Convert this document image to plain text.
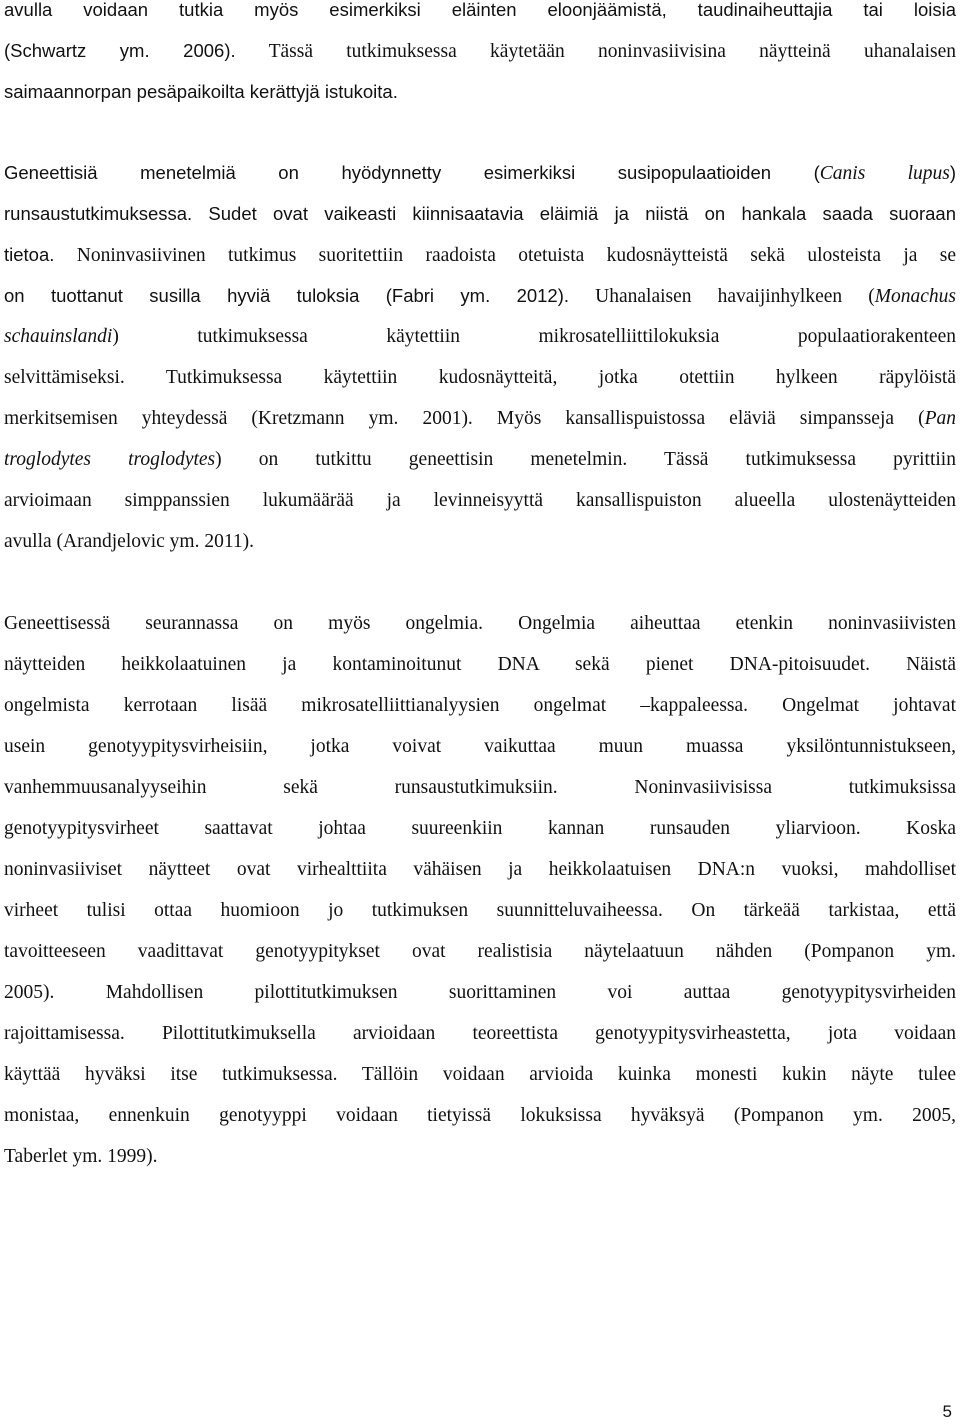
avulla voidaan tutkia myös esimerkiksi eläinten eloonjäämistä, taudinaiheuttajia tai loisia
(Schwartz ym. 2006). Tässä tutkimuksessa käytetään noninvasiivisina näytteinä uhanalaisen
saimaannorpan pesäpaikoilta kerättyjä istukoita.
Geneettisiä menetelmiä on hyödynnetty esimerkiksi susipopulaatioiden (Canis lupus)
runsaustutkimuksessa. Sudet ovat vaikeasti kiinnisaatavia eläimiä ja niistä on hankala saada suoraan
tietoa. Noninvasiivinen tutkimus suoritettiin raadoista otetuista kudosnäytteistä sekä ulosteista ja se
on tuottanut susilla hyviä tuloksia (Fabri ym. 2012). Uhanalaisen havaijinhylkeen (Monachus
schauinslandi) tutkimuksessa käytettiin mikrosatelliittilokuksia populaatiorakenteen
selvittämiseksi. Tutkimuksessa käytettiin kudosnäytteitä, jotka otettiin hylkeen räpylöistä
merkitsemisen yhteydessä (Kretzmann ym. 2001). Myös kansallispuistossa eläviä simpansseja (Pan
troglodytes troglodytes) on tutkittu geneettisin menetelmin. Tässä tutkimuksessa pyrittiin
arvioimaan simppanssien lukumäärää ja levinneisyyttä kansallispuiston alueella ulostenäytteiden
avulla (Arandjelovic ym. 2011).
Geneettisessä seurannassa on myös ongelmia. Ongelmia aiheuttaa etenkin noninvasiivisten
näytteiden heikkolaatuinen ja kontaminoitunut DNA sekä pienet DNA-pitoisuudet. Näistä
ongelmista kerrotaan lisää mikrosatelliittianalyysien ongelmat –kappaleessa. Ongelmat johtavat
usein genotyypitysvirheisiin, jotka voivat vaikuttaa muun muassa yksilöntunnistukseen,
vanhemmuusanalyyseihin sekä runsaustutkimuksiin. Noninvasiivisissa tutkimuksissa
genotyypitysvirheet saattavat johtaa suureenkiin kannan runsauden yliarvioon. Koska
noninvasiiviset näytteet ovat virhealttiita vähäisen ja heikkolaatuisen DNA:n vuoksi, mahdolliset
virheet tulisi ottaa huomioon jo tutkimuksen suunnitteluvaiheessa. On tärkeää tarkistaa, että
tavoitteeseen vaadittavat genotyypitykset ovat realistisia näytelaatuun nähden (Pompanon ym.
2005). Mahdollisen pilottitutkimuksen suorittaminen voi auttaa genotyypitysvirheiden
rajoittamisessa. Pilottitutkimuksella arvioidaan teoreettista genotyypitysvirheastetta, jota voidaan
käyttää hyväksi itse tutkimuksessa. Tällöin voidaan arvioida kuinka monesti kukin näyte tulee
monistaa, ennenkuin genotyyppi voidaan tietyissä lokuksissa hyväksyä (Pompanon ym. 2005,
Taberlet ym. 1999).
5
